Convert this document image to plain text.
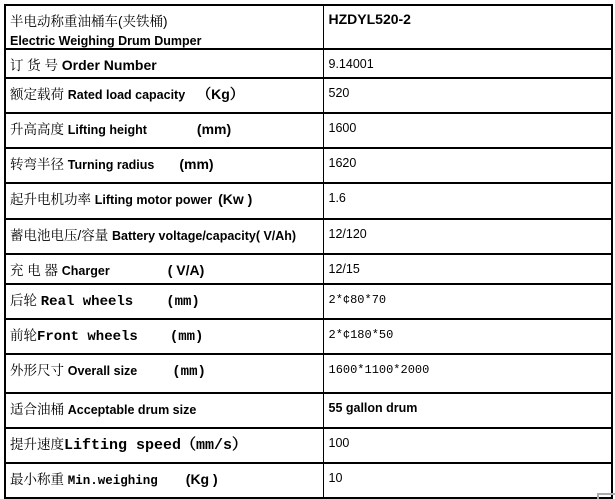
半电动称重油桶车(夹铁桶)
Electric Weighing Drum Dumper	HZDYL520-2
订 货 号 Order Number	9.14001
额定载荷 Rated load capacity （Kg）	520
升高高度 Lifting height (mm)	1600
转弯半径 Turning radius (mm)	1620
起升电机功率 Lifting motor power (Kw )	1.6
蓄电池电压/容量 Battery voltage/capacity( V/Ah)	12/120
充 电 器 Charger ( V/A)	12/15
后轮 Real wheels (mm)	2*¢80*70
前轮Front wheels (mm)	2*¢180*50
外形尺寸 Overall size (mm)	1600*1100*2000
适合油桶 Acceptable drum size	55 gallon drum
提升速度Lifting speed（mm/s）	100
最小称重 Min.weighing (Kg )	10
